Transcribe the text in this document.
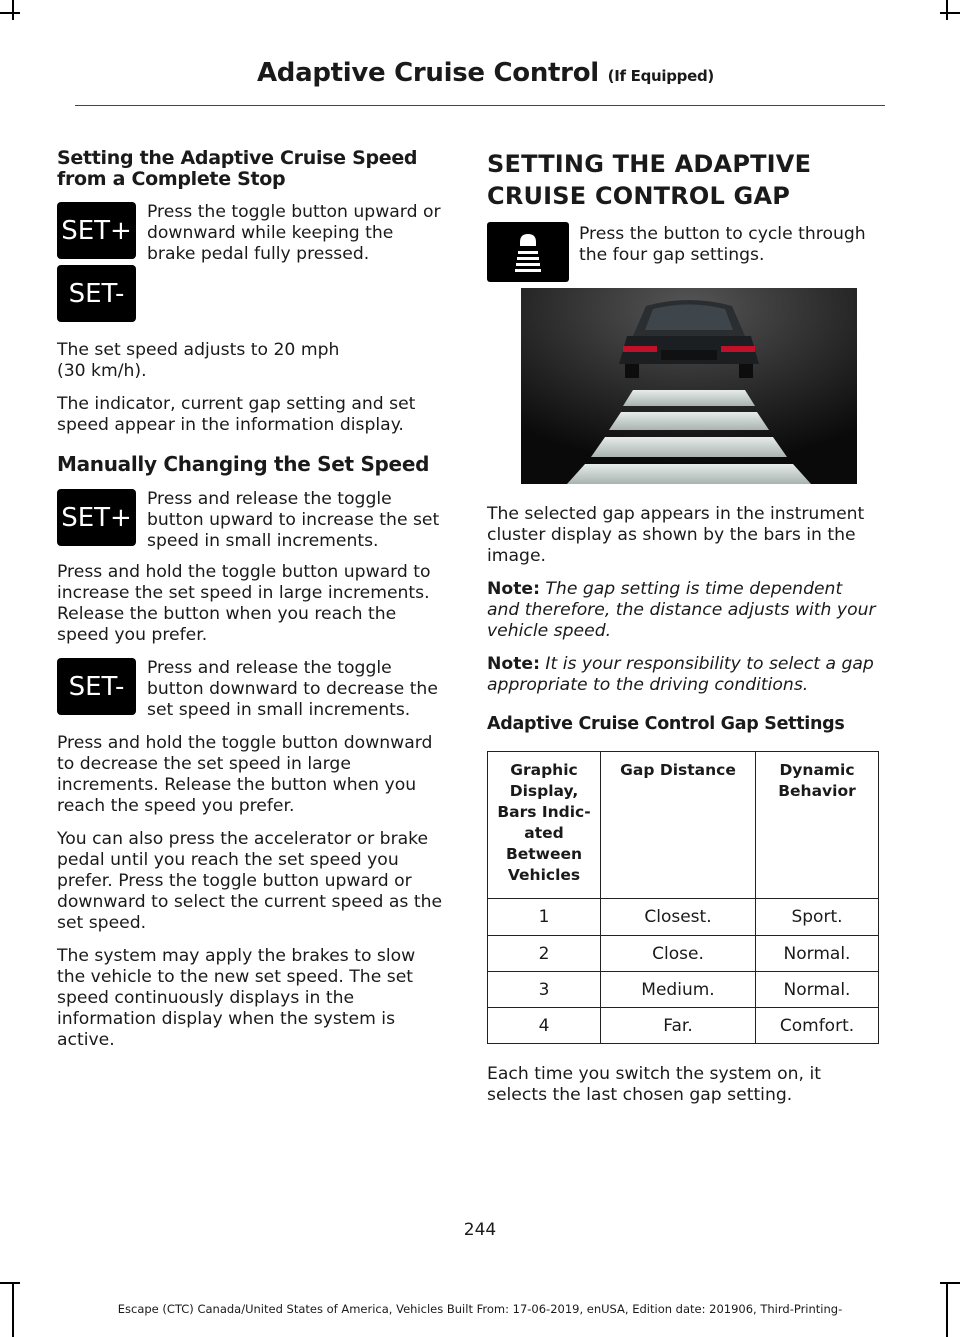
Adaptive Cruise Control (If Equipped)
Setting the Adaptive Cruise Speed from a Complete Stop
SET+
SET-

Press the toggle button upward or downward while keeping the brake pedal fully pressed.

The set speed adjusts to 20 mph
(30 km/h).

The indicator, current gap setting and set speed appear in the information display.

Manually Changing the Set Speed
SET+

Press and release the toggle button upward to increase the set speed in small increments.

Press and hold the toggle button upward to increase the set speed in large increments. Release the button when you reach the speed you prefer.

SET-

Press and release the toggle button downward to decrease the set speed in small increments.

Press and hold the toggle button downward to decrease the set speed in large increments. Release the button when you reach the speed you prefer.

You can also press the accelerator or brake pedal until you reach the set speed you prefer. Press the toggle button upward or downward to select the current speed as the set speed.

The system may apply the brakes to slow the vehicle to the new set speed. The set speed continuously displays in the information display when the system is active.

SETTING THE ADAPTIVE
CRUISE CONTROL GAP

Press the button to cycle through the four gap settings.

The selected gap appears in the instrument cluster display as shown by the bars in the image.

Note: The gap setting is time dependent and therefore, the distance adjusts with your vehicle speed.

Note: It is your responsibility to select a gap appropriate to the driving conditions.

Adaptive Cruise Control Gap Settings
Graphic Display, Bars Indic-ated Between Vehicles	Gap Distance	Dynamic Behavior
1	Closest.	Sport.
2	Close.	Normal.
3	Medium.	Normal.
4	Far.	Comfort.

Each time you switch the system on, it selects the last chosen gap setting.

244
Escape (CTC) Canada/United States of America, Vehicles Built From: 17-06-2019, enUSA, Edition date: 201906, Third-Printing-
